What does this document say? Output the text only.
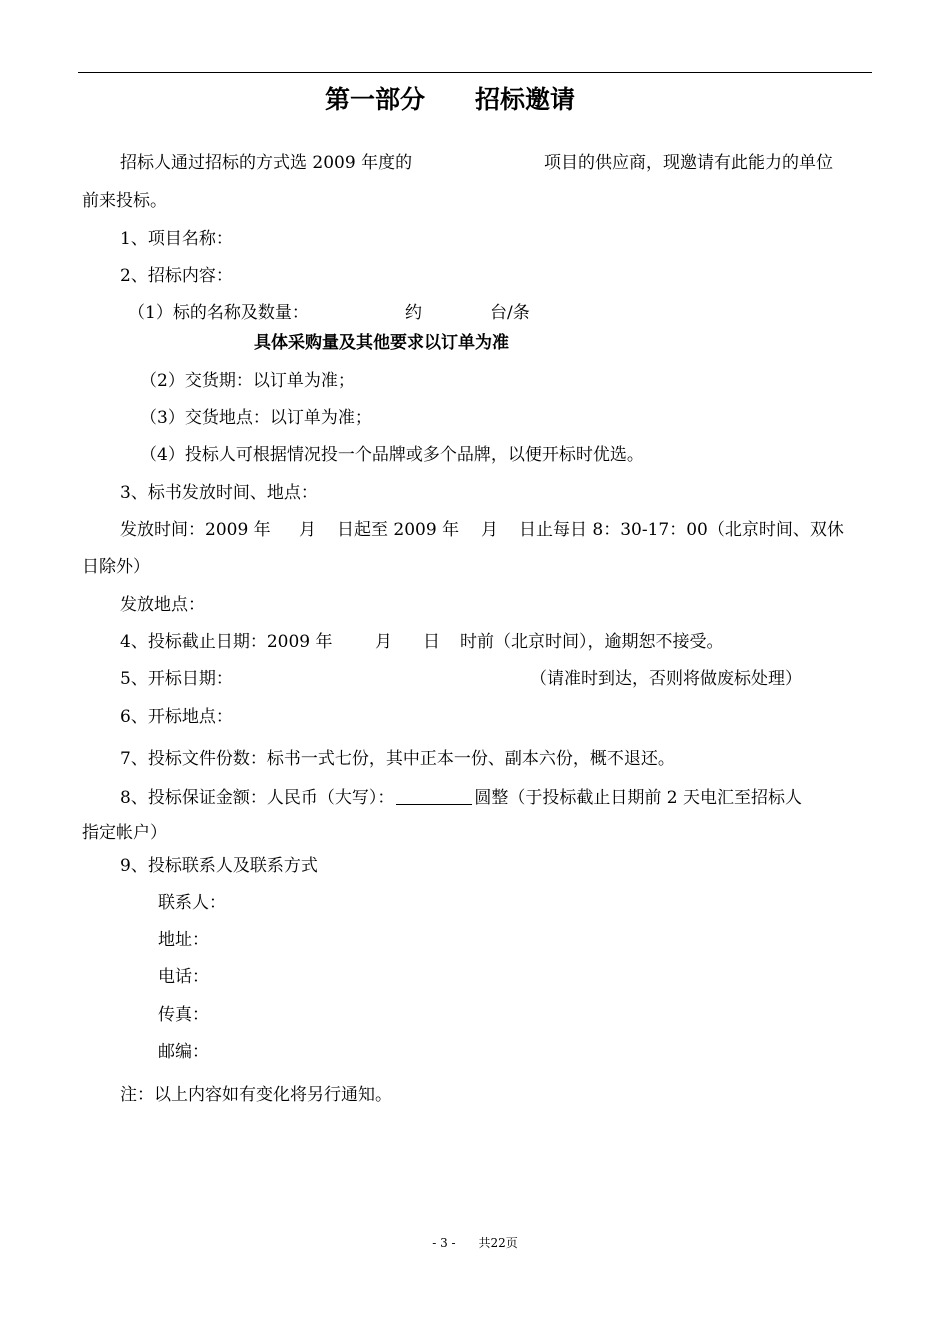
第一部分　　招标邀请
招标人通过招标的方式选 2009 年度的	项目的供应商，现邀请有此能力的单位
前来投标。
1、项目名称：
2、招标内容：
（1）标的名称及数量：	约	台/条
具体采购量及其他要求以订单为准
（2）交货期：以订单为准；
（3）交货地点：以订单为准；
（4）投标人可根据情况投一个品牌或多个品牌，以便开标时优选。
3、标书发放时间、地点：
发放时间：2009 年 月 日起至 2009 年 月 日止每日 8：30-17：00（北京时间、双休
日除外）
发放地点：
4、投标截止日期：2009 年	月 日 时前（北京时间），逾期恕不接受。
5、开标日期：	（请准时到达，否则将做废标处理）
6、开标地点：
7、投标文件份数：标书一式七份，其中正本一份、副本六份，概不退还。
8、投标保证金额：人民币（大写）：	圆整（于投标截止日期前 2 天电汇至招标人
指定帐户）
9、投标联系人及联系方式
联系人：
地址：
电话：
传真：
邮编：
注：以上内容如有变化将另行通知。
- 3 - 共22页
